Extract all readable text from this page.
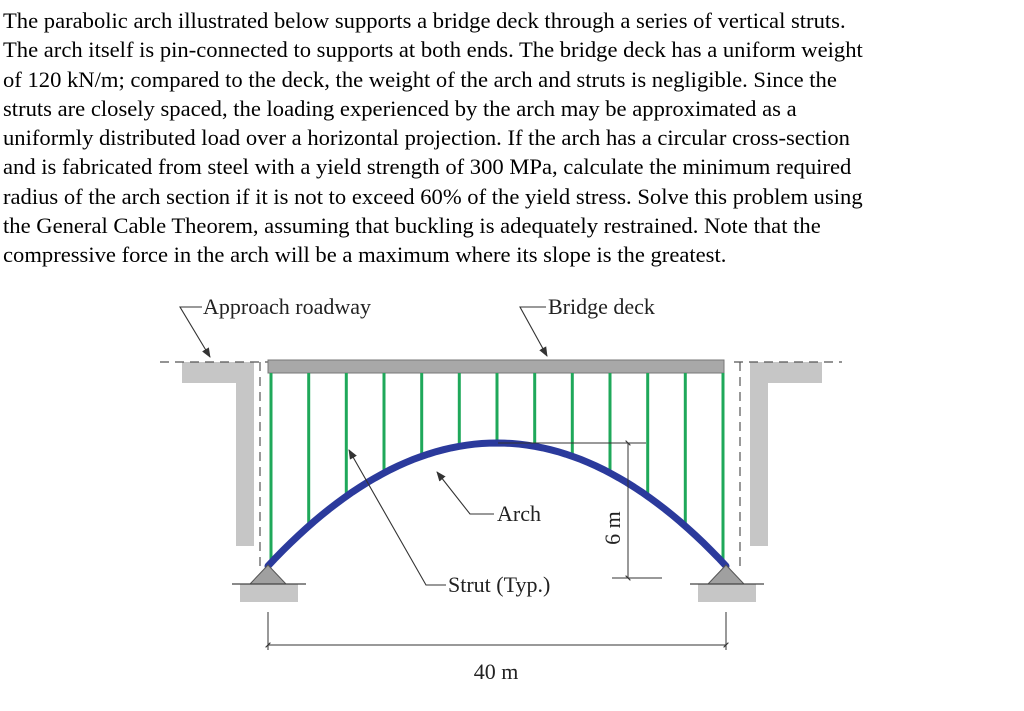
The parabolic arch illustrated below supports a bridge deck through a series of vertical struts.
The arch itself is pin-connected to supports at both ends. The bridge deck has a uniform weight
of 120 kN/m; compared to the deck, the weight of the arch and struts is negligible. Since the
struts are closely spaced, the loading experienced by the arch may be approximated as a
uniformly distributed load over a horizontal projection. If the arch has a circular cross-section
and is fabricated from steel with a yield strength of 300 MPa, calculate the minimum required
radius of the arch section if it is not to exceed 60% of the yield stress. Solve this problem using
the General Cable Theorem, assuming that buckling is adequately restrained. Note that the
compressive force in the arch will be a maximum where its slope is the greatest.
6 m
40 m
Approach roadway	Bridge deck
Arch
Strut (Typ.)
